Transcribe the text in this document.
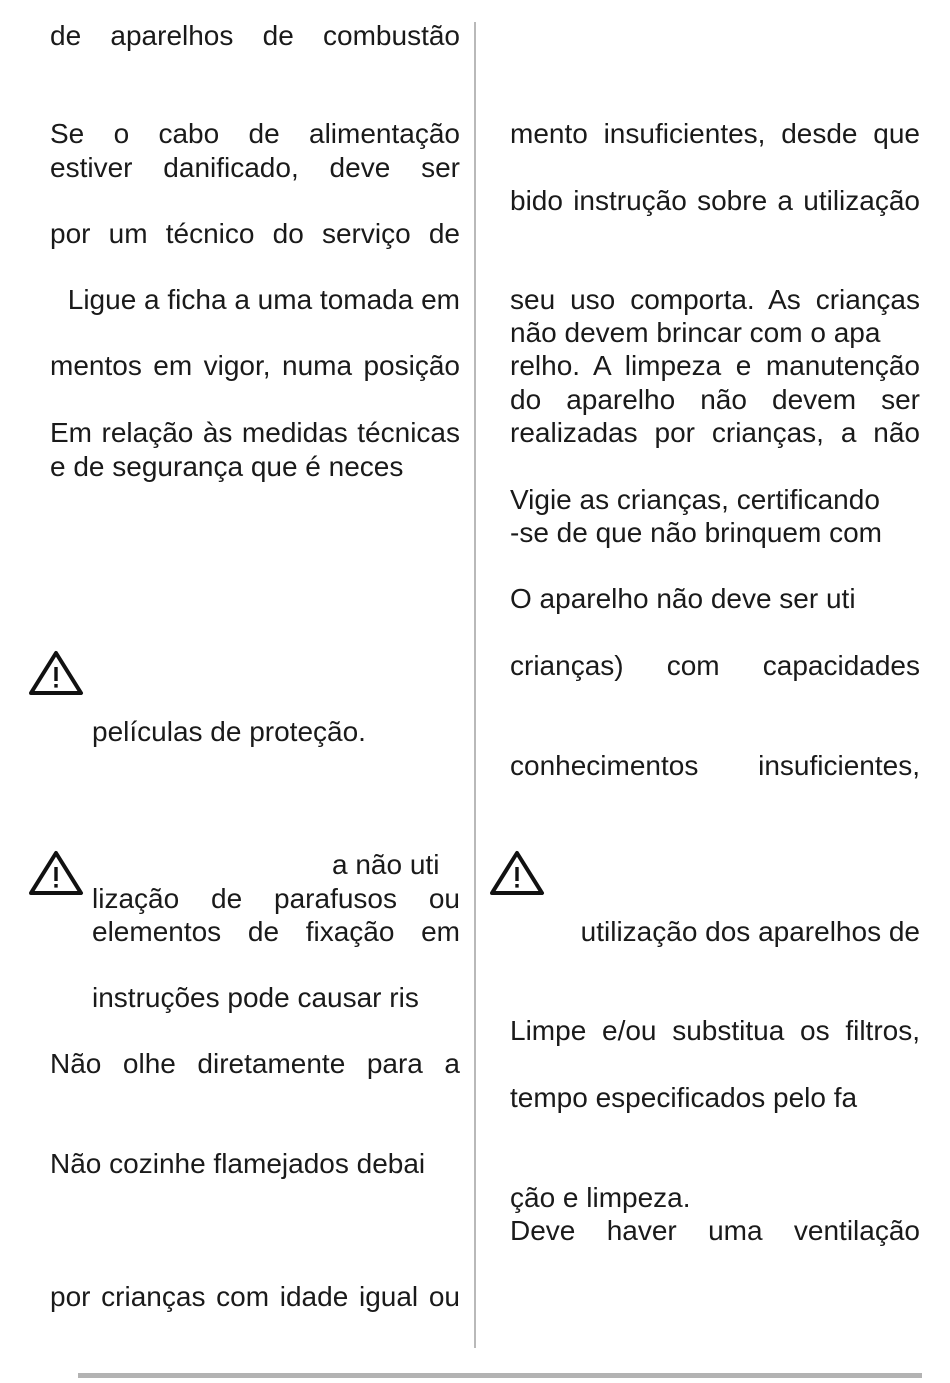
de aparelhos de combustão
Se o cabo de alimentação
estiver danificado, deve ser
por um técnico do serviço de
Ligue a ficha a uma tomada em
mentos em vigor, numa posição
Em relação às medidas técnicas
e de segurança que é neces
películas de proteção.
a não uti
lização de parafusos ou
elementos de fixação em
instruções pode causar ris
Não olhe diretamente para a
Não cozinhe flamejados debai
por crianças com idade igual ou
mento insuficientes, desde que
bido instrução sobre a utilização
seu uso comporta. As crianças
não devem brincar com o apa
relho. A limpeza e manutenção
do aparelho não devem ser
realizadas por crianças, a não
Vigie as crianças, certificando
-se de que não brinquem com
O aparelho não deve ser uti
crianças) com capacidades
conhecimentos insuficientes,
utilização dos aparelhos de
Limpe e/ou substitua os filtros,
tempo especificados pelo fa
ção e limpeza.
Deve haver uma ventilação
